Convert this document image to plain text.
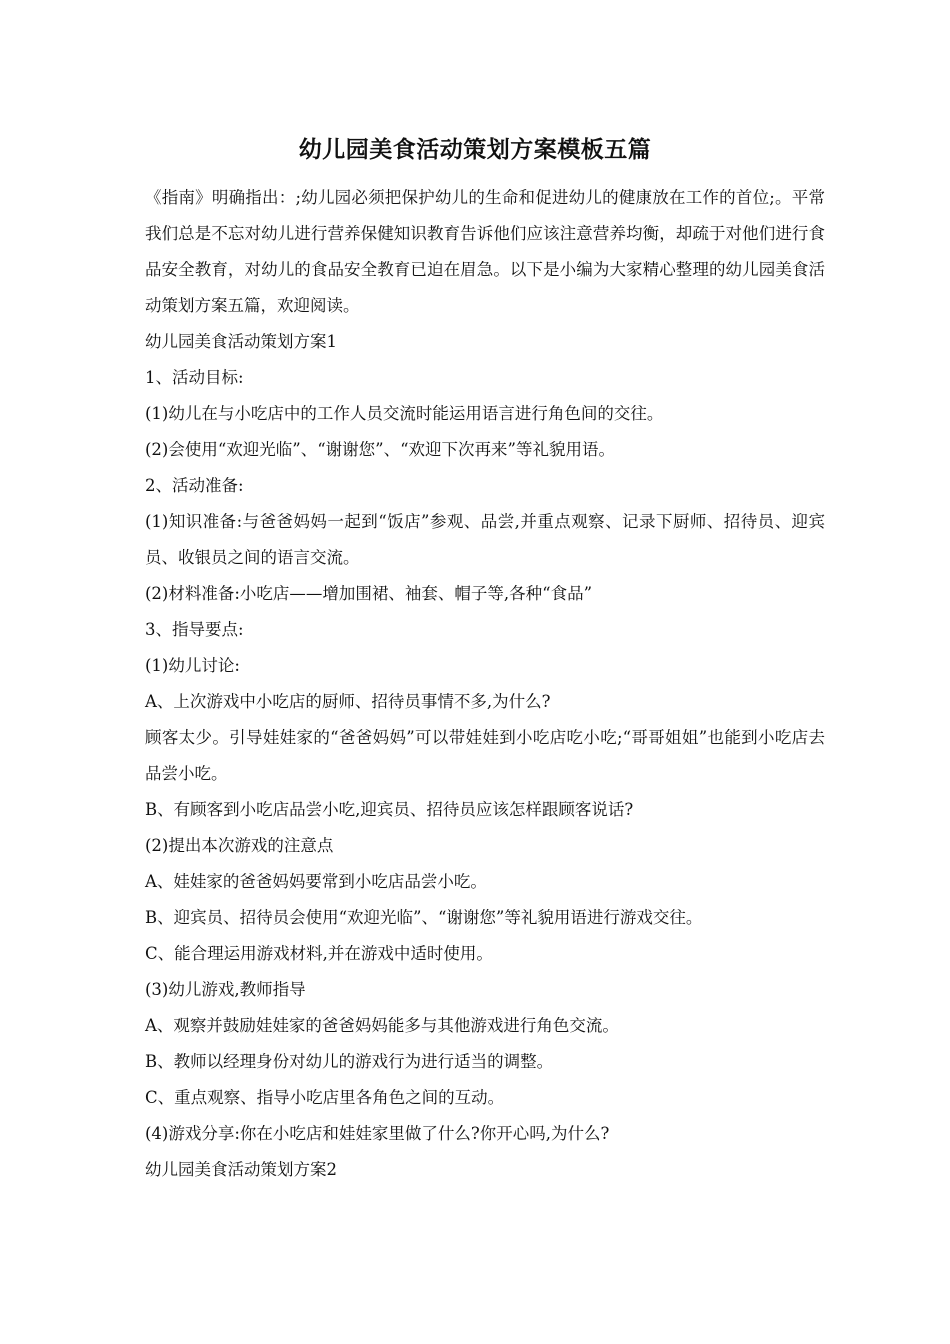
幼儿园美食活动策划方案模板五篇

《指南》明确指出：;幼儿园必须把保护幼儿的生命和促进幼儿的健康放在工作的首位;。平常我们总是不忘对幼儿进行营养保健知识教育告诉他们应该注意营养均衡，却疏于对他们进行食品安全教育，对幼儿的食品安全教育已迫在眉急。以下是小编为大家精心整理的幼儿园美食活动策划方案五篇，欢迎阅读。

幼儿园美食活动策划方案1

1、活动目标:

(1)幼儿在与小吃店中的工作人员交流时能运用语言进行角色间的交往。

(2)会使用“欢迎光临”、“谢谢您”、“欢迎下次再来”等礼貌用语。

2、活动准备:

(1)知识准备:与爸爸妈妈一起到“饭店”参观、品尝,并重点观察、记录下厨师、招待员、迎宾员、收银员之间的语言交流。

(2)材料准备:小吃店——增加围裙、袖套、帽子等,各种“食品”

3、指导要点:

(1)幼儿讨论:

A、上次游戏中小吃店的厨师、招待员事情不多,为什么?

顾客太少。引导娃娃家的“爸爸妈妈”可以带娃娃到小吃店吃小吃;“哥哥姐姐”也能到小吃店去品尝小吃。

B、有顾客到小吃店品尝小吃,迎宾员、招待员应该怎样跟顾客说话?

(2)提出本次游戏的注意点

A、娃娃家的爸爸妈妈要常到小吃店品尝小吃。

B、迎宾员、招待员会使用“欢迎光临”、“谢谢您”等礼貌用语进行游戏交往。

C、能合理运用游戏材料,并在游戏中适时使用。

(3)幼儿游戏,教师指导

A、观察并鼓励娃娃家的爸爸妈妈能多与其他游戏进行角色交流。

B、教师以经理身份对幼儿的游戏行为进行适当的调整。

C、重点观察、指导小吃店里各角色之间的互动。

(4)游戏分享:你在小吃店和娃娃家里做了什么?你开心吗,为什么?

幼儿园美食活动策划方案2
